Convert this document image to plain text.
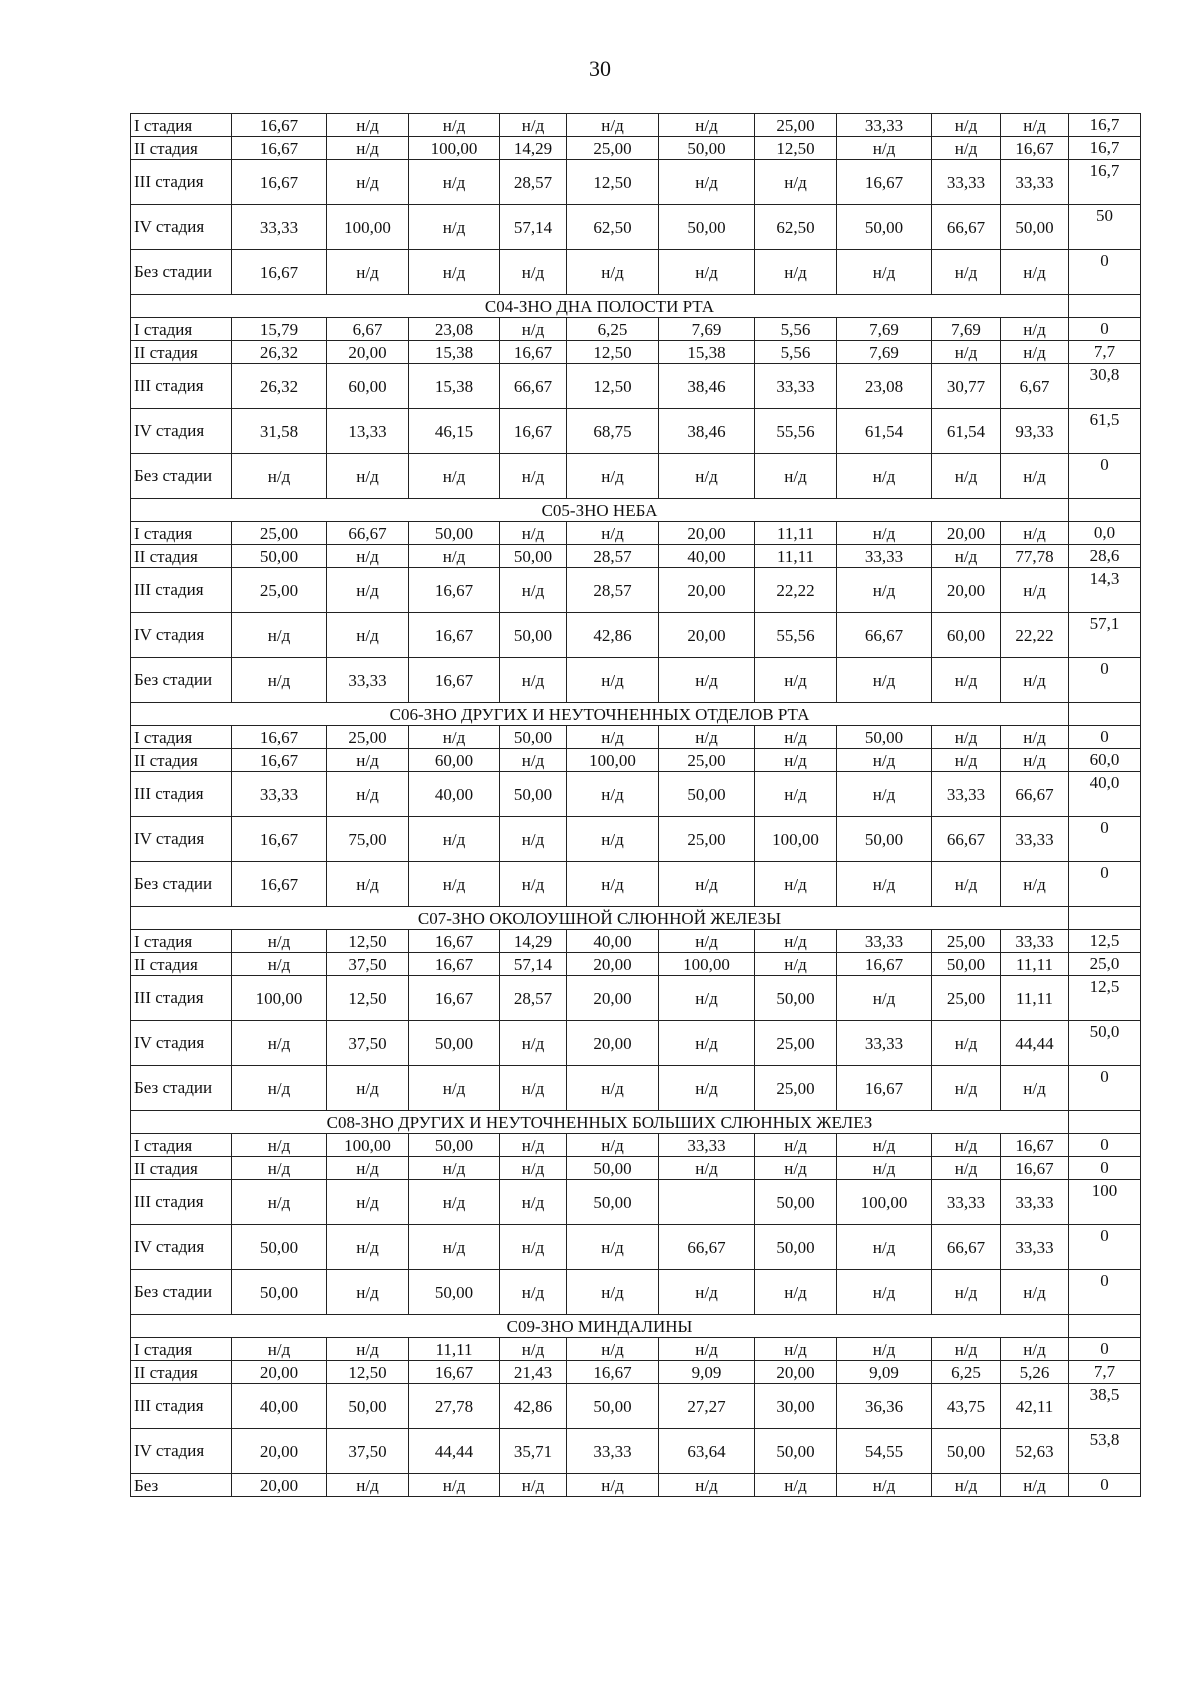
30
I стадия	16,67	н/д	н/д	н/д	н/д	н/д	25,00	33,33	н/д	н/д	16,7
II стадия	16,67	н/д	100,00	14,29	25,00	50,00	12,50	н/д	н/д	16,67	16,7
III стадия	16,67	н/д	н/д	28,57	12,50	н/д	н/д	16,67	33,33	33,33	16,7
IV стадия	33,33	100,00	н/д	57,14	62,50	50,00	62,50	50,00	66,67	50,00	50
Без стадии	16,67	н/д	н/д	н/д	н/д	н/д	н/д	н/д	н/д	н/д	0
С04-ЗНО ДНА ПОЛОСТИ РТА											
I стадия	15,79	6,67	23,08	н/д	6,25	7,69	5,56	7,69	7,69	н/д	0
II стадия	26,32	20,00	15,38	16,67	12,50	15,38	5,56	7,69	н/д	н/д	7,7
III стадия	26,32	60,00	15,38	66,67	12,50	38,46	33,33	23,08	30,77	6,67	30,8
IV стадия	31,58	13,33	46,15	16,67	68,75	38,46	55,56	61,54	61,54	93,33	61,5
Без стадии	н/д	н/д	н/д	н/д	н/д	н/д	н/д	н/д	н/д	н/д	0
С05-ЗНО НЕБА											
I стадия	25,00	66,67	50,00	н/д	н/д	20,00	11,11	н/д	20,00	н/д	0,0
II стадия	50,00	н/д	н/д	50,00	28,57	40,00	11,11	33,33	н/д	77,78	28,6
III стадия	25,00	н/д	16,67	н/д	28,57	20,00	22,22	н/д	20,00	н/д	14,3
IV стадия	н/д	н/д	16,67	50,00	42,86	20,00	55,56	66,67	60,00	22,22	57,1
Без стадии	н/д	33,33	16,67	н/д	н/д	н/д	н/д	н/д	н/д	н/д	0
С06-ЗНО ДРУГИХ И НЕУТОЧНЕННЫХ ОТДЕЛОВ РТА											
I стадия	16,67	25,00	н/д	50,00	н/д	н/д	н/д	50,00	н/д	н/д	0
II стадия	16,67	н/д	60,00	н/д	100,00	25,00	н/д	н/д	н/д	н/д	60,0
III стадия	33,33	н/д	40,00	50,00	н/д	50,00	н/д	н/д	33,33	66,67	40,0
IV стадия	16,67	75,00	н/д	н/д	н/д	25,00	100,00	50,00	66,67	33,33	0
Без стадии	16,67	н/д	н/д	н/д	н/д	н/д	н/д	н/д	н/д	н/д	0
С07-ЗНО ОКОЛОУШНОЙ СЛЮННОЙ ЖЕЛЕЗЫ											
I стадия	н/д	12,50	16,67	14,29	40,00	н/д	н/д	33,33	25,00	33,33	12,5
II стадия	н/д	37,50	16,67	57,14	20,00	100,00	н/д	16,67	50,00	11,11	25,0
III стадия	100,00	12,50	16,67	28,57	20,00	н/д	50,00	н/д	25,00	11,11	12,5
IV стадия	н/д	37,50	50,00	н/д	20,00	н/д	25,00	33,33	н/д	44,44	50,0
Без стадии	н/д	н/д	н/д	н/д	н/д	н/д	25,00	16,67	н/д	н/д	0
С08-ЗНО ДРУГИХ И НЕУТОЧНЕННЫХ БОЛЬШИХ СЛЮННЫХ ЖЕЛЕЗ											
I стадия	н/д	100,00	50,00	н/д	н/д	33,33	н/д	н/д	н/д	16,67	0
II стадия	н/д	н/д	н/д	н/д	50,00	н/д	н/д	н/д	н/д	16,67	0
III стадия	н/д	н/д	н/д	н/д	50,00		50,00	100,00	33,33	33,33	100
IV стадия	50,00	н/д	н/д	н/д	н/д	66,67	50,00	н/д	66,67	33,33	0
Без стадии	50,00	н/д	50,00	н/д	н/д	н/д	н/д	н/д	н/д	н/д	0
С09-ЗНО МИНДАЛИНЫ											
I стадия	н/д	н/д	11,11	н/д	н/д	н/д	н/д	н/д	н/д	н/д	0
II стадия	20,00	12,50	16,67	21,43	16,67	9,09	20,00	9,09	6,25	5,26	7,7
III стадия	40,00	50,00	27,78	42,86	50,00	27,27	30,00	36,36	43,75	42,11	38,5
IV стадия	20,00	37,50	44,44	35,71	33,33	63,64	50,00	54,55	50,00	52,63	53,8
Без	20,00	н/д	н/д	н/д	н/д	н/д	н/д	н/д	н/д	н/д	0
